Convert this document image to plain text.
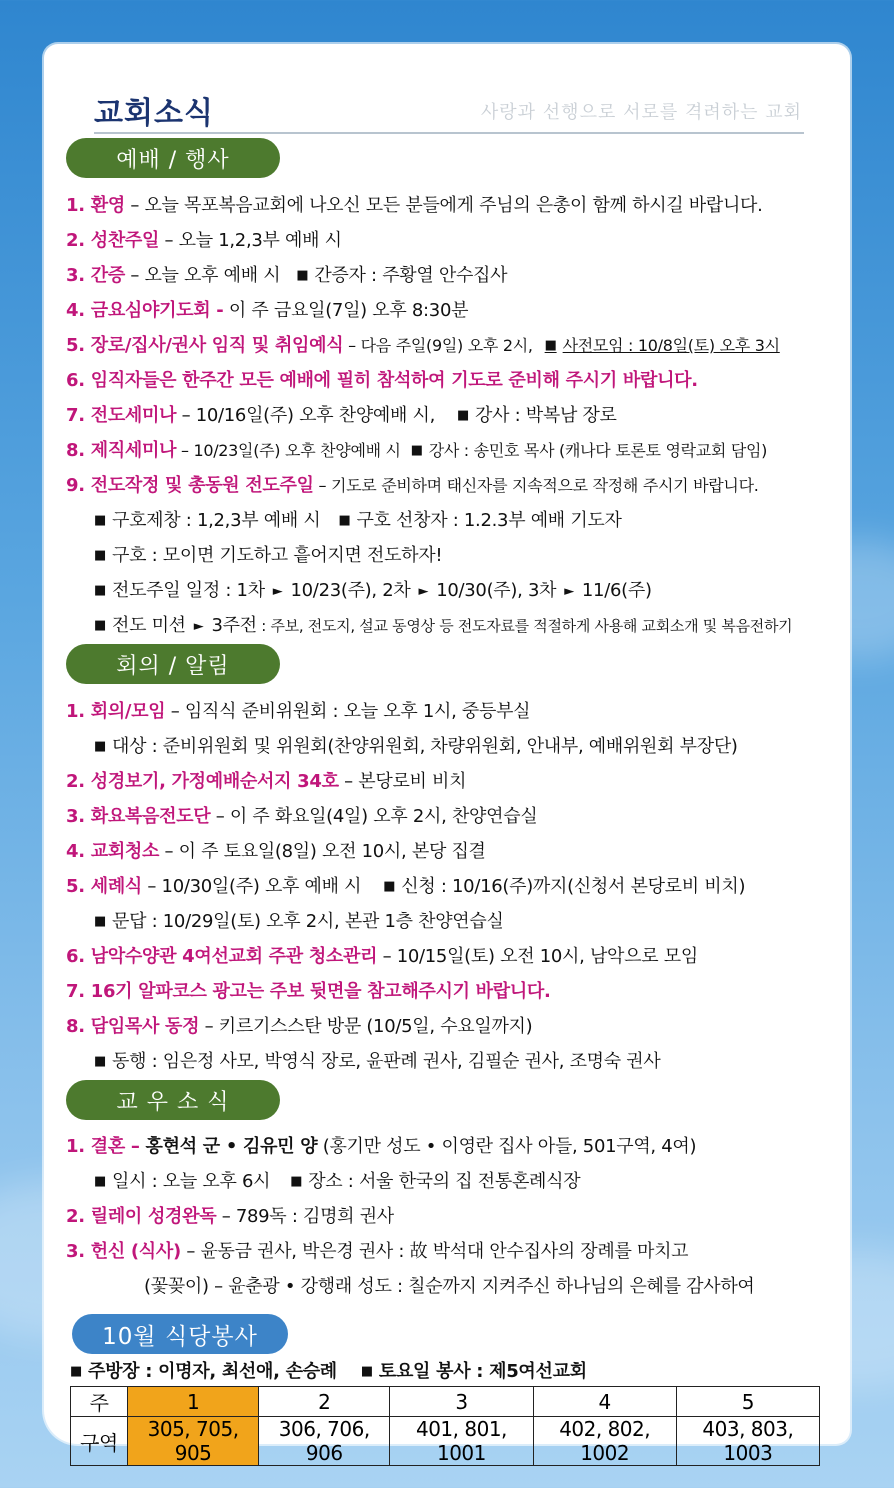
교회소식	사랑과 선행으로 서로를 격려하는 교회
예배 / 행사
1. 환영 – 오늘 목포복음교회에 나오신 모든 분들에게 주님의 은총이 함께 하시길 바랍니다.
2. 성찬주일 – 오늘 1,2,3부 예배 시
3. 간증 – 오늘 오후 예배 시 ■ 간증자 : 주황열 안수집사
4. 금요심야기도회 - 이 주 금요일(7일) 오후 8:30분
5. 장로/집사/권사 임직 및 취임예식 – 다음 주일(9일) 오후 2시, ■ 사전모임 : 10/8일(토) 오후 3시
6. 임직자들은 한주간 모든 예배에 필히 참석하여 기도로 준비해 주시기 바랍니다.
7. 전도세미나 – 10/16일(주) 오후 찬양예배 시, ■ 강사 : 박복남 장로
8. 제직세미나 – 10/23일(주) 오후 찬양예배 시 ■ 강사 : 송민호 목사 (캐나다 토론토 영락교회 담임)
9. 전도작정 및 총동원 전도주일 – 기도로 준비하며 태신자를 지속적으로 작정해 주시기 바랍니다.
■ 구호제창 : 1,2,3부 예배 시 ■ 구호 선창자 : 1.2.3부 예배 기도자
■ 구호 : 모이면 기도하고 흩어지면 전도하자!
■ 전도주일 일정 : 1차 ► 10/23(주), 2차 ► 10/30(주), 3차 ► 11/6(주)
■ 전도 미션 ► 3주전 : 주보, 전도지, 설교 동영상 등 전도자료를 적절하게 사용해 교회소개 및 복음전하기
회의 / 알림
1. 회의/모임 – 임직식 준비위원회 : 오늘 오후 1시, 중등부실
■ 대상 : 준비위원회 및 위원회(찬양위원회, 차량위원회, 안내부, 예배위원회 부장단)
2. 성경보기, 가정예배순서지 34호 – 본당로비 비치
3. 화요복음전도단 – 이 주 화요일(4일) 오후 2시, 찬양연습실
4. 교회청소 – 이 주 토요일(8일) 오전 10시, 본당 집결
5. 세례식 – 10/30일(주) 오후 예배 시 ■ 신청 : 10/16(주)까지(신청서 본당로비 비치)
■ 문답 : 10/29일(토) 오후 2시, 본관 1층 찬양연습실
6. 남악수양관 4여선교회 주관 청소관리 – 10/15일(토) 오전 10시, 남악으로 모임
7. 16기 알파코스 광고는 주보 뒷면을 참고해주시기 바랍니다.
8. 담임목사 동정 – 키르기스스탄 방문 (10/5일, 수요일까지)
■ 동행 : 임은정 사모, 박영식 장로, 윤판례 권사, 김필순 권사, 조명숙 권사
교 우 소 식
1. 결혼 – 홍현석 군 • 김유민 양 (홍기만 성도 • 이영란 집사 아들, 501구역, 4여)
■ 일시 : 오늘 오후 6시 ■ 장소 : 서울 한국의 집 전통혼례식장
2. 릴레이 성경완독 – 789독 : 김명희 권사
3. 헌신 (식사) – 윤동금 권사, 박은경 권사 : 故 박석대 안수집사의 장례를 마치고
(꽃꽂이) – 윤춘광 • 강행래 성도 : 칠순까지 지켜주신 하나님의 은혜를 감사하여
10월 식당봉사
■ 주방장 : 이명자, 최선애, 손승례 ■ 토요일 봉사 : 제5여선교회
주	1	2	3	4	5
구역	305, 705, 905	306, 706, 906	401, 801, 1001	402, 802, 1002	403, 803, 1003
